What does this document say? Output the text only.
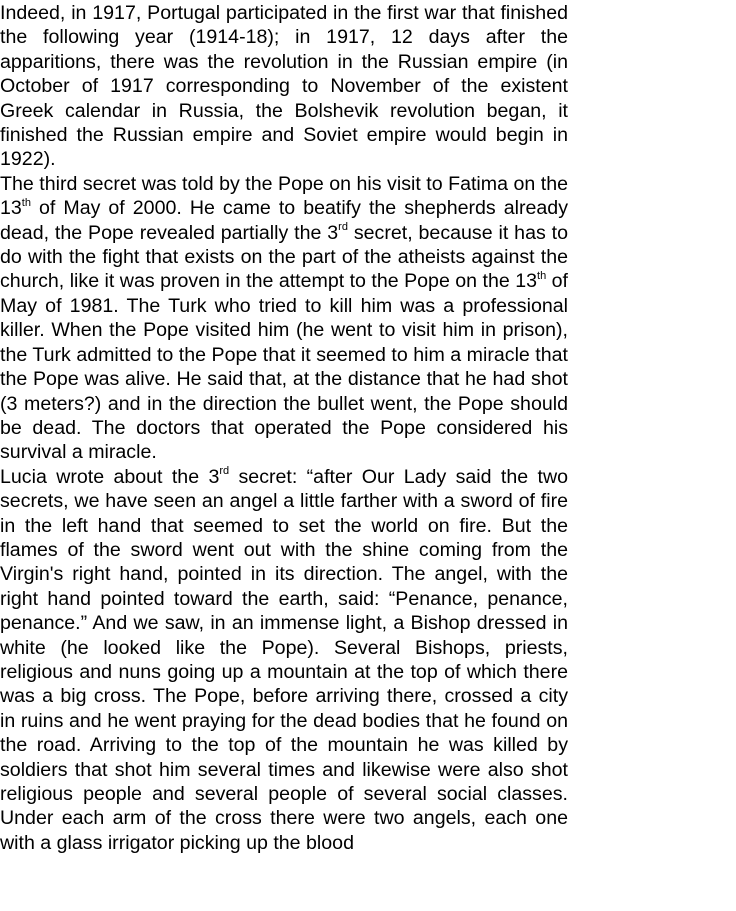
Indeed, in 1917, Portugal participated in the first war that finished the following year (1914-18); in 1917, 12 days after the apparitions, there was the revolution in the Russian empire (in October of 1917 corresponding to November of the existent Greek calendar in Russia, the Bolshevik revolution began, it finished the Russian empire and Soviet empire would begin in 1922).

The third secret was told by the Pope on his visit to Fatima on the 13th of May of 2000. He came to beatify the shepherds already dead, the Pope revealed partially the 3rd secret, because it has to do with the fight that exists on the part of the atheists against the church, like it was proven in the attempt to the Pope on the 13th of May of 1981. The Turk who tried to kill him was a professional killer. When the Pope visited him (he went to visit him in prison), the Turk admitted to the Pope that it seemed to him a miracle that the Pope was alive. He said that, at the distance that he had shot (3 meters?) and in the direction the bullet went, the Pope should be dead. The doctors that operated the Pope considered his survival a miracle.

Lucia wrote about the 3rd secret: “after Our Lady said the two secrets, we have seen an angel a little farther with a sword of fire in the left hand that seemed to set the world on fire. But the flames of the sword went out with the shine coming from the Virgin's right hand, pointed in its direction. The angel, with the right hand pointed toward the earth, said: “Penance, penance, penance.” And we saw, in an immense light, a Bishop dressed in white (he looked like the Pope). Several Bishops, priests, religious and nuns going up a mountain at the top of which there was a big cross. The Pope, before arriving there, crossed a city in ruins and he went praying for the dead bodies that he found on the road. Arriving to the top of the mountain he was killed by soldiers that shot him several times and likewise were also shot religious people and several people of several social classes. Under each arm of the cross there were two angels, each one with a glass irrigator picking up the blood
